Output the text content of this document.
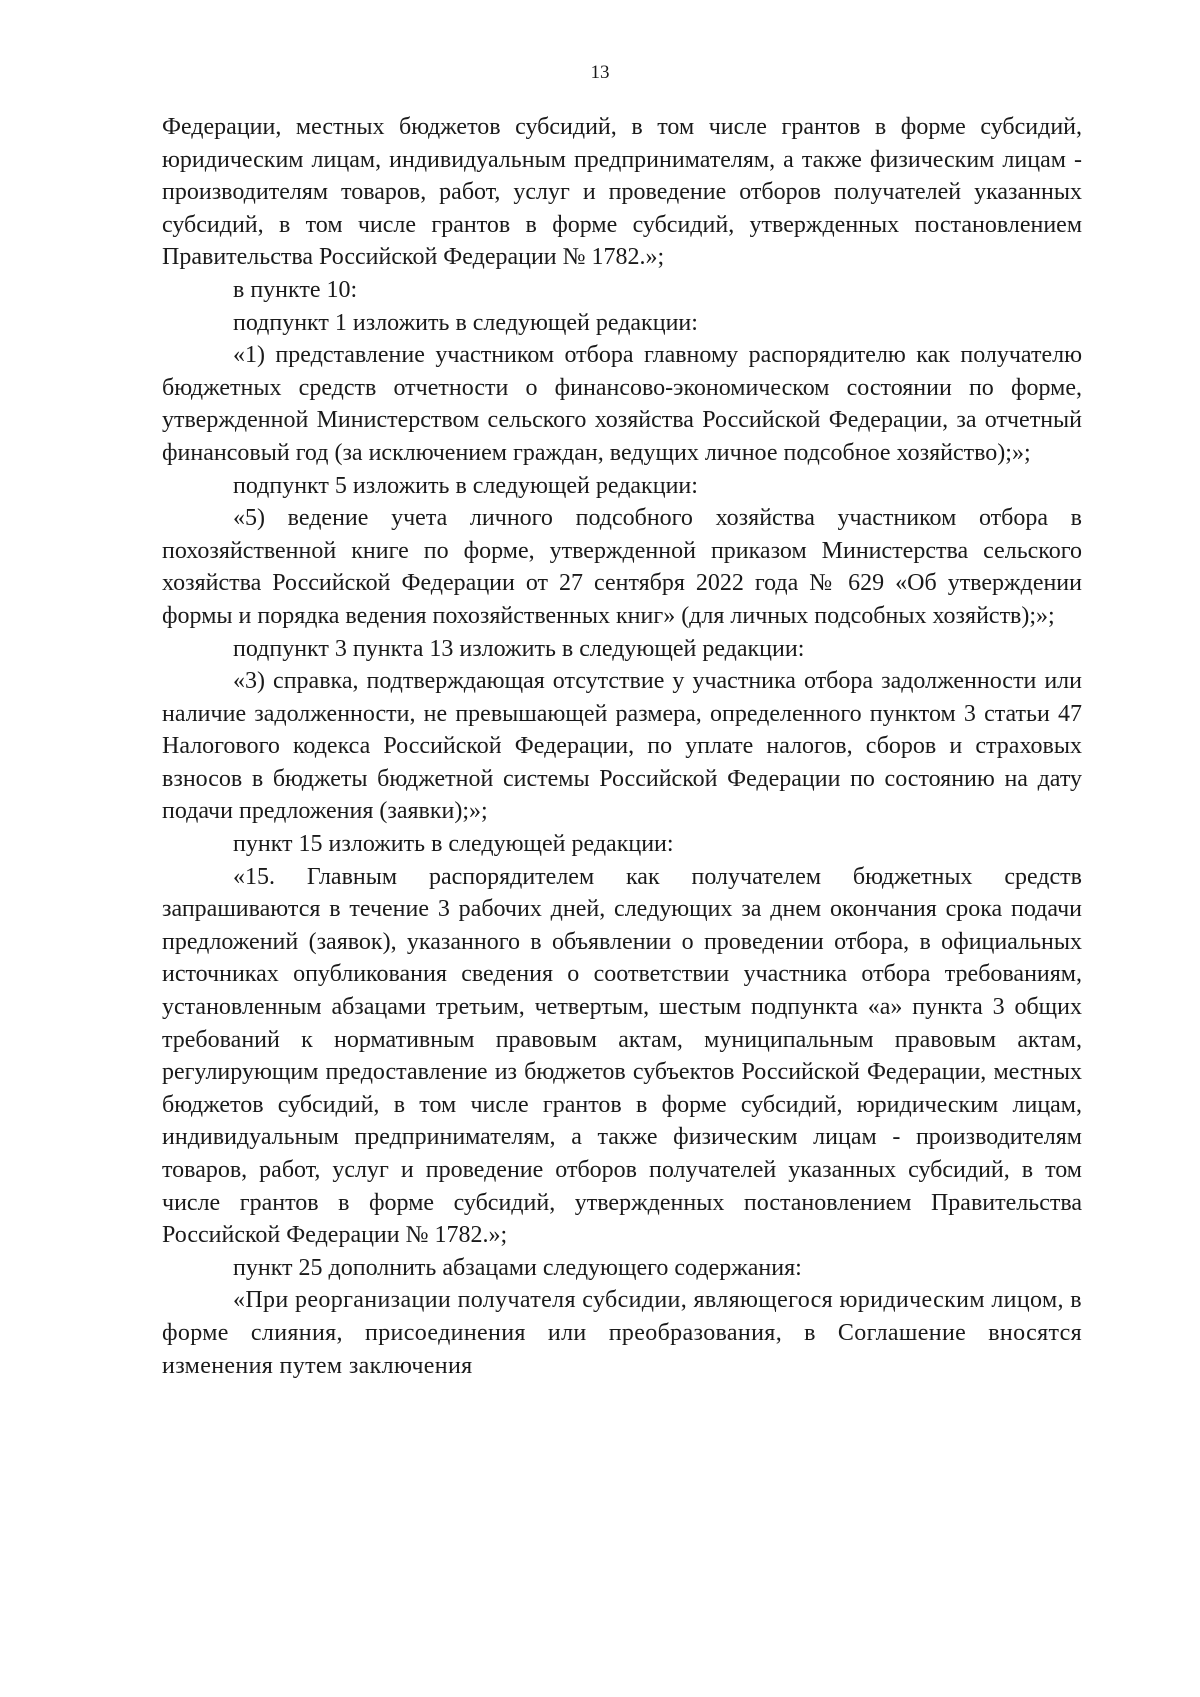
13

Федерации, местных бюджетов субсидий, в том числе грантов в форме субсидий, юридическим лицам, индивидуальным предпринимателям, а также физическим лицам - производителям товаров, работ, услуг и проведение отборов получателей указанных субсидий, в том числе грантов в форме субсидий, утвержденных постановлением Правительства Российской Федерации № 1782.»;

в пункте 10:

подпункт 1 изложить в следующей редакции:

«1) представление участником отбора главному распорядителю как получателю бюджетных средств отчетности о финансово-экономическом состоянии по форме, утвержденной Министерством сельского хозяйства Российской Федерации, за отчетный финансовый год (за исключением граждан, ведущих личное подсобное хозяйство);»;

подпункт 5 изложить в следующей редакции:

«5) ведение учета личного подсобного хозяйства участником отбора в похозяйственной книге по форме, утвержденной приказом Министерства сельского хозяйства Российской Федерации от 27 сентября 2022 года № 629 «Об утверждении формы и порядка ведения похозяйственных книг» (для личных подсобных хозяйств);»;

подпункт 3 пункта 13 изложить в следующей редакции:

«3) справка, подтверждающая отсутствие у участника отбора задолженности или наличие задолженности, не превышающей размера, определенного пунктом 3 статьи 47 Налогового кодекса Российской Федерации, по уплате налогов, сборов и страховых взносов в бюджеты бюджетной системы Российской Федерации по состоянию на дату подачи предложения (заявки);»;

пункт 15 изложить в следующей редакции:

«15. Главным распорядителем как получателем бюджетных средств запрашиваются в течение 3 рабочих дней, следующих за днем окончания срока подачи предложений (заявок), указанного в объявлении о проведении отбора, в официальных источниках опубликования сведения о соответствии участника отбора требованиям, установленным абзацами третьим, четвертым, шестым подпункта «а» пункта 3 общих требований к нормативным правовым актам, муниципальным правовым актам, регулирующим предоставление из бюджетов субъектов Российской Федерации, местных бюджетов субсидий, в том числе грантов в форме субсидий, юридическим лицам, индивидуальным предпринимателям, а также физическим лицам - производителям товаров, работ, услуг и проведение отборов получателей указанных субсидий, в том числе грантов в форме субсидий, утвержденных постановлением Правительства Российской Федерации № 1782.»;

пункт 25 дополнить абзацами следующего содержания:

«При реорганизации получателя субсидии, являющегося юридическим лицом, в форме слияния, присоединения или преобразования, в Соглашение вносятся изменения путем заключения
